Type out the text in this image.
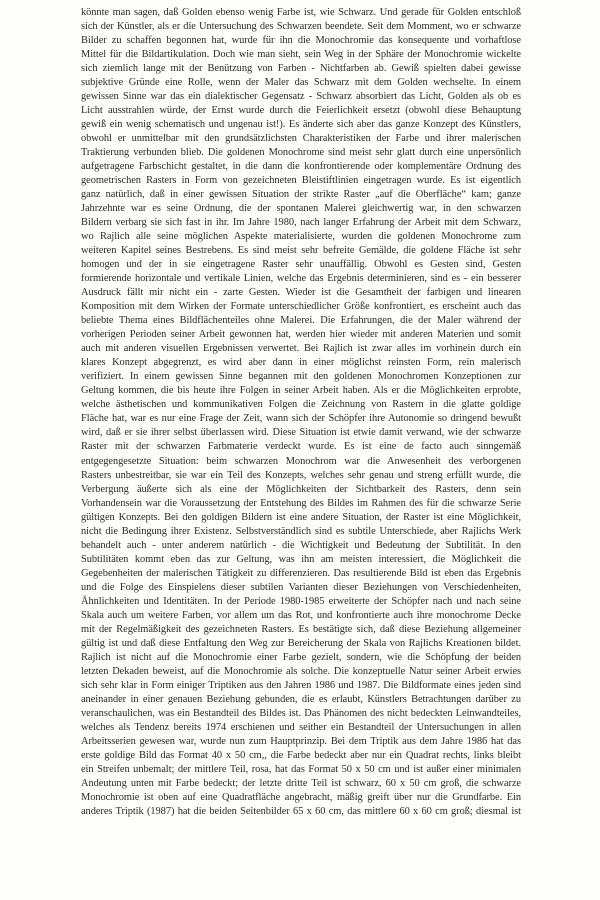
könnte man sagen, daß Golden ebenso wenig Farbe ist, wie Schwarz. Und gerade für Golden entschloß
sich der Künstler, als er die Untersuchung des Schwarzen beendete. Seit dem Momment, wo er schwarze
Bilder zu schaffen begonnen hat, wurde für ihn die Monochromie das konsequente und vorhaftlose
Mittel für die Bildartikulation. Doch wie man sieht, sein Weg in der Sphäre der Monochromie wickelte
sich ziemlich lange mit der Benützung von Farben - Nichtfarben ab. Gewiß spielten dabei gewisse
subjektive Gründe eine Rolle, wenn der Maler das Schwarz mit dem Golden wechselte. In einem
gewissen Sinne war das ein dialektischer Gegensatz - Schwarz absorbiert das Licht, Golden als ob es
Licht ausstrahlen würde, der Ernst wurde durch die Feierlichkeit ersetzt (obwohl diese Behauptung
gewiß ein wenig schematisch und ungenau ist!). Es änderte sich aber das ganze Konzept des Künstlers,
obwohl er unmittelbar mit den grundsätzlichsten Charakteristiken der Farbe und ihrer malerischen
Traktierung verbunden blieb. Die goldenen Monochrome sind meist sehr glatt durch eine unpersönlich
aufgetragene Farbschicht gestaltet, in die dann die konfrontierende oder komplementäre Ordnung des
geometrischen Rasters in Form von gezeichneten Bleistiftlinien eingetragen wurde. Es ist eigentlich
ganz natürlich, daß in einer gewissen Situation der strikte Raster „auf die Oberfläche“ kam; ganze
Jahrzehnte war es seine Ordnung, die der spontanen Malerei gleichwertig war, in den schwarzen
Bildern verbarg sie sich fast in ihr. Im Jahre 1980, nach langer Erfahrung der Arbeit mit dem Schwarz,
wo Rajlich alle seine möglichen Aspekte materialisierte, wurden die goldenen Monochrome zum
weiteren Kapitel seines Bestrebens. Es sind meist sehr befreite Gemälde, die goldene Fläche ist sehr
homogen und der in sie eingetragene Raster sehr unauffällig. Obwohl es Gesten sind, Gesten
formierende horizontale und vertikale Linien, welche das Ergebnis determinieren, sind es - ein besserer
Ausdruck fällt mir nicht ein - zarte Gesten. Wieder ist die Gesamtheit der farbigen und linearen
Komposition mit dem Wirken der Formate unterschiedlicher Größe konfrontiert, es erscheint auch das
beliebte Thema eines Bildflächenteiles ohne Malerei. Die Erfahrungen, die der Maler während der
vorherigen Perioden seiner Arbeit gewonnen hat, werden hier wieder mit anderen Materien und somit
auch mit anderen visuellen Ergebnissen verwertet. Bei Rajlich ist zwar alles im vorhinein durch ein
klares Konzept abgegrenzt, es wird aber dann in einer möglichst reinsten Form, rein malerisch
verifiziert. In einem gewissen Sinne begannen mit den goldenen Monochromen Konzeptionen zur
Geltung kommen, die bis heute ihre Folgen in seiner Arbeit haben. Als er die Möglichkeiten erprobte,
welche ästhetischen und kommunikativen Folgen die Zeichnung von Rastern in die glatte goldige
Fläche hat, war es nur eine Frage der Zeit, wann sich der Schöpfer ihre Autonomie so dringend bewußt
wird, daß er sie ihrer selbst überlassen wird. Diese Situation ist etwie damit verwand, wie der schwarze
Raster mit der schwarzen Farbmaterie verdeckt wurde. Es ist eine de facto auch sinngemäß
entgegengesetzte Situation: beim schwarzen Monochrom war die Anwesenheit des verborgenen
Rasters unbestreitbar, sie war ein Teil des Konzepts, welches sehr genau und streng erfüllt wurde, die
Verbergung äußerte sich als eine der Möglichkeiten der Sichtbarkeit des Rasters, denn sein
Vorhandensein war die Voraussetzung der Entstehung des Bildes im Rahmen des für die schwarze Serie
gültigen Konzepts. Bei den goldigen Bildern ist eine andere Situation, der Raster ist eine Möglichkeit,
nicht die Bedingung ihrer Existenz. Selbstverständlich sind es subtile Unterschiede, aber Rajlichs Werk
behandelt auch - unter anderem natürlich - die Wichtigkeit und Bedeutung der Subtilität. In den
Subtilitäten kommt eben das zur Geltung, was ihn am meisten interessiert, die Möglichkeit die
Gegebenheiten der malerischen Tätigkeit zu differenzieren. Das resultierende Bild ist eben das Ergebnis
und die Folge des Einspielens dieser subtilen Varianten dieser Beziehungen von Verschiedenheiten,
Ähnlichkeiten und Identitäten. In der Periode 1980-1985 erweiterte der Schöpfer nach und nach seine
Skala auch um weitere Farben, vor allem um das Rot, und konfrontierte auch ihre monochrome Decke
mit der Regelmäßigkeit des gezeichneten Rasters. Es bestätigte sich, daß diese Beziehung allgemeiner
gültig ist und daß diese Entfaltung den Weg zur Bereicherung der Skala von Rajlichs Kreationen bildet.
Rajlich ist nicht auf die Monochromie einer Farbe gezielt, sondern, wie die Schöpfung der beiden
letzten Dekaden beweist, auf die Monochromie als solche. Die konzeptuelle Natur seiner Arbeit erwies
sich sehr klar in Form einiger Triptiken aus den Jahren 1986 und 1987. Die Bildformate eines jeden sind
aneinander in einer genauen Beziehung gebunden, die es erlaubt, Künstlers Betrachtungen darüber zu
veranschaulichen, was ein Bestandteil des Bildes ist. Das Phänomen des nicht bedeckten Leinwandteiles,
welches als Tendenz bereits 1974 erschienen und seither ein Bestandteil der Untersuchungen in allen
Arbeitsserien gewesen war, wurde nun zum Hauptprinzip. Bei dem Triptik aus dem Jahre 1986 hat das
erste goldige Bild das Format 40 x 50 cm,, die Farbe bedeckt aber nur ein Quadrat rechts, links bleibt
ein Streifen unbemalt; der mittlere Teil, rosa, hat das Format 50 x 50 cm und ist außer einer minimalen
Andeutung unten mit Farbe bedeckt; der letzte dritte Teil ist schwarz, 60 x 50 cm groß, die schwarze
Monochromie ist oben auf eine Quadratfläche angebracht, mäßig greift über nur die Grundfarbe. Ein
anderes Triptik (1987) hat die beiden Seitenbilder 65 x 60 cm, das mittlere 60 x 60 cm groß; diesmal ist
